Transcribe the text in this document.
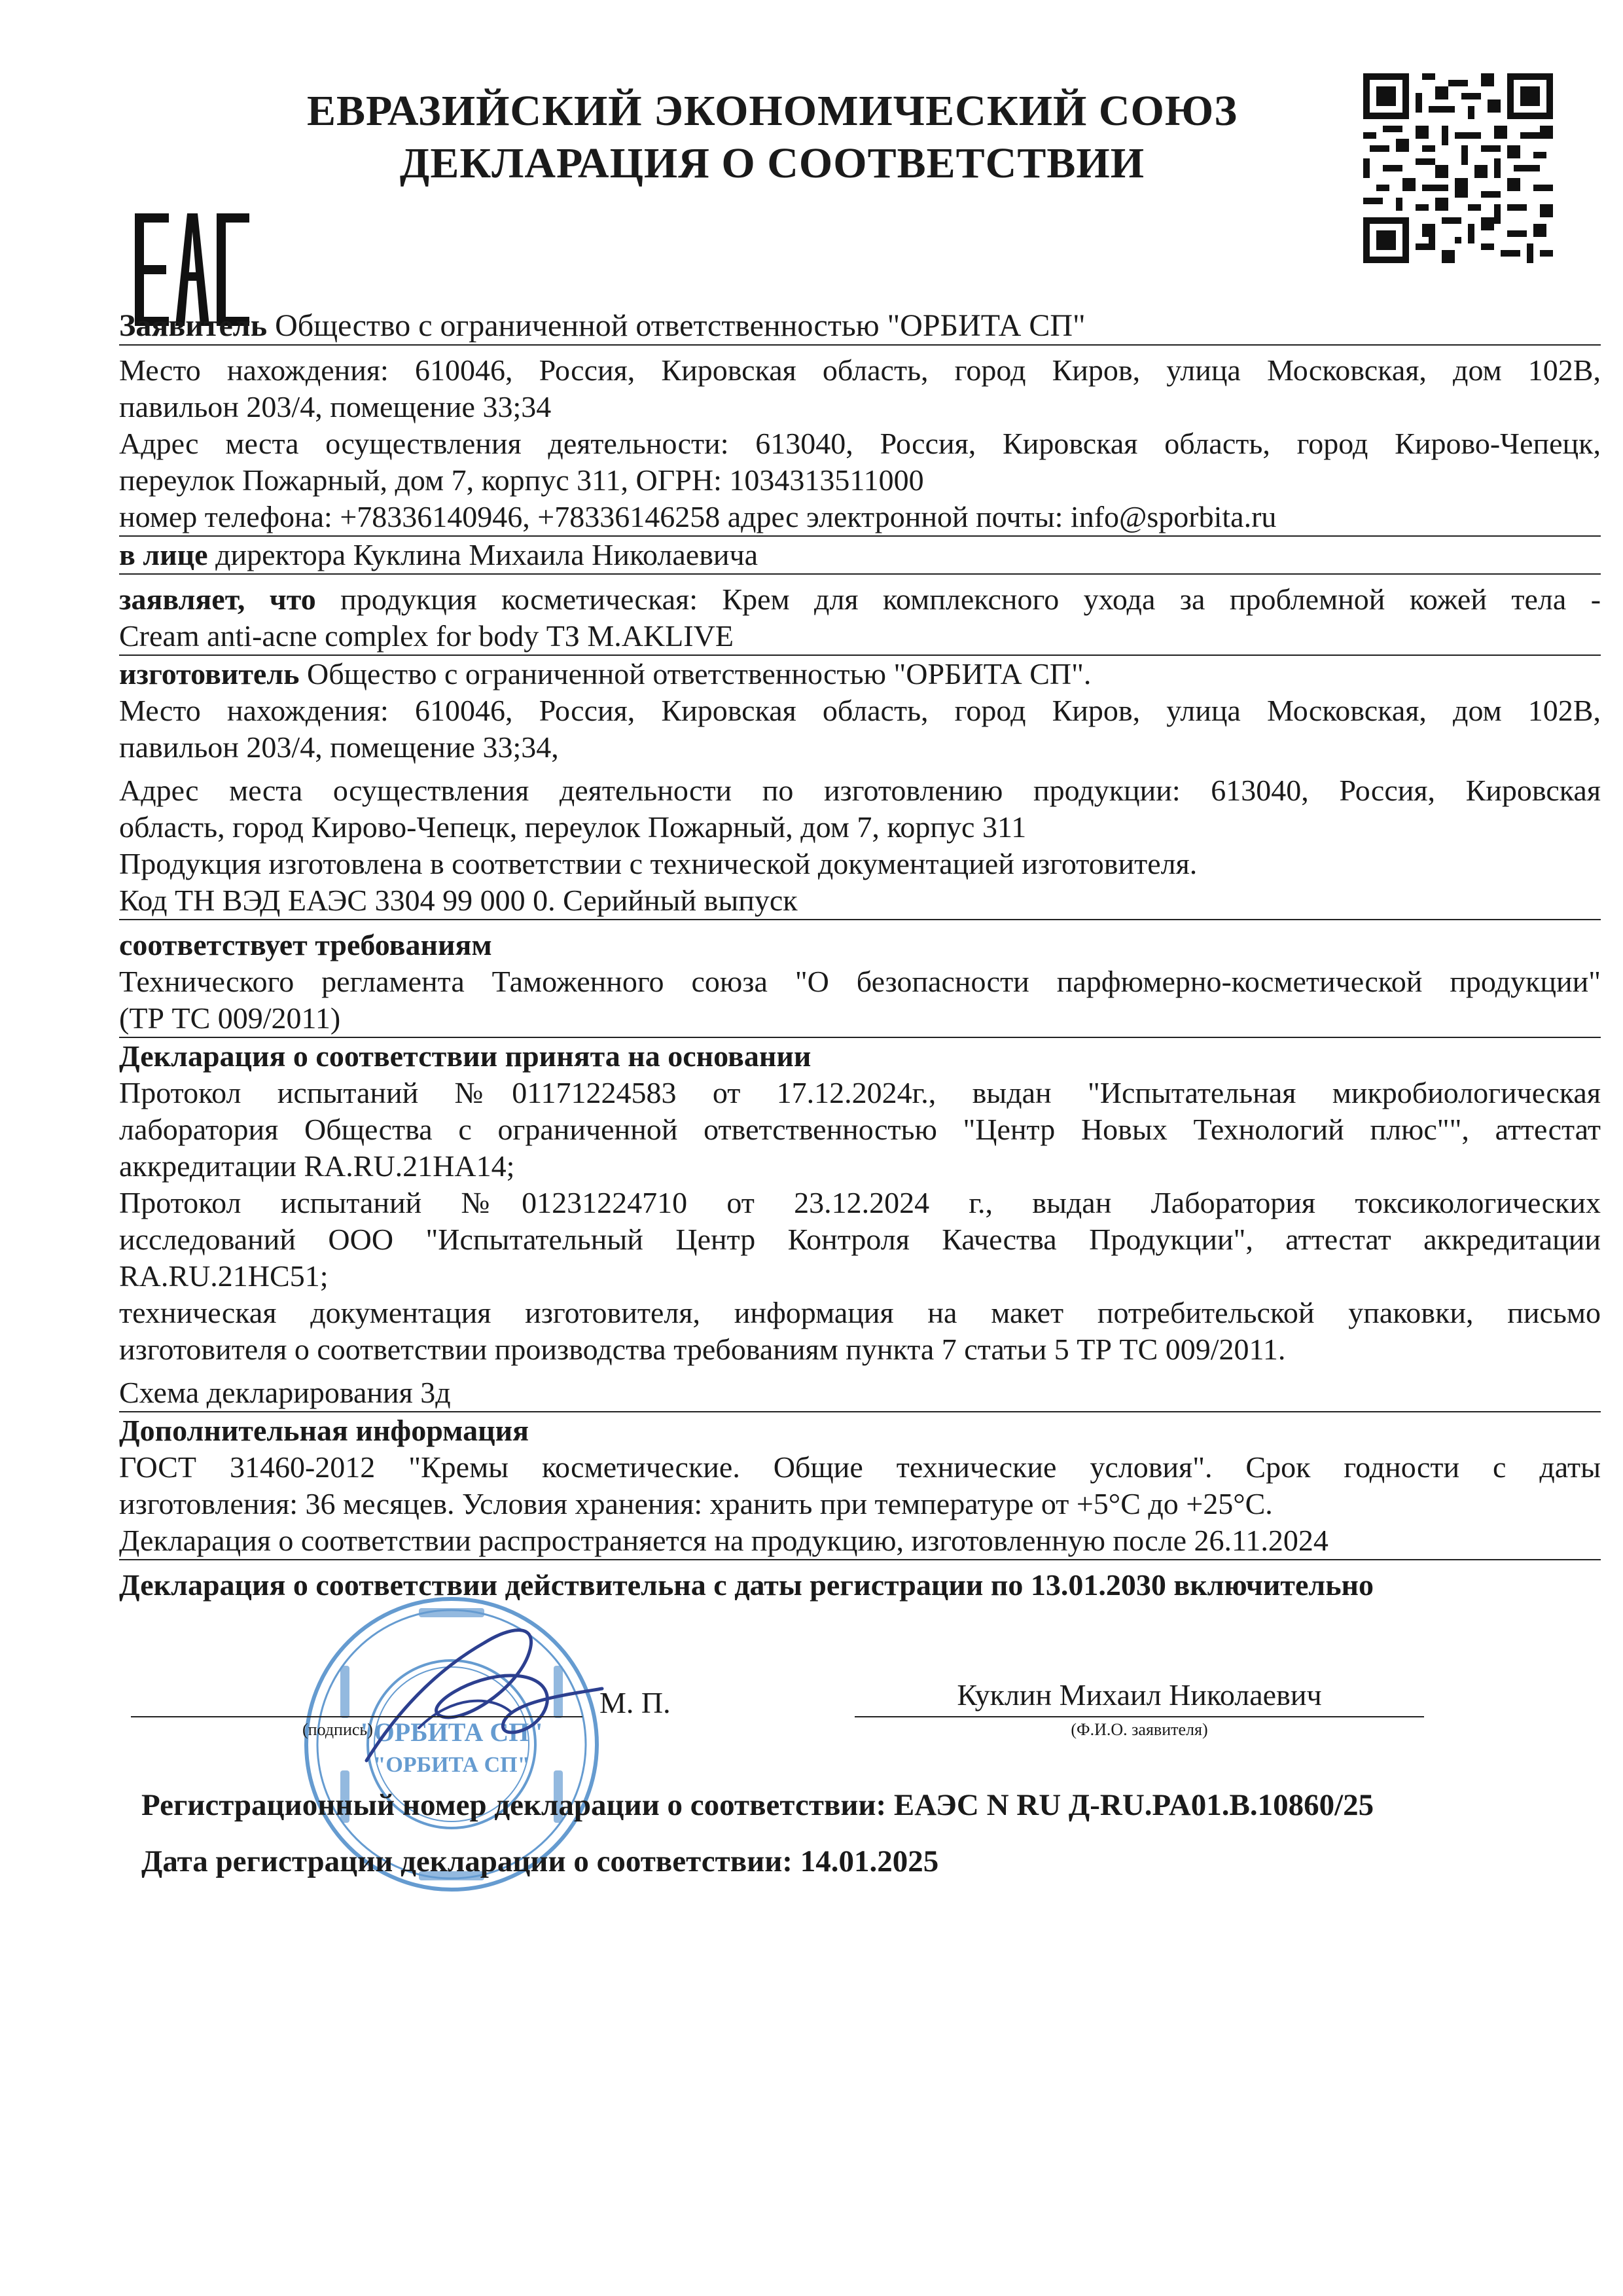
ЕВРАЗИЙСКИЙ ЭКОНОМИЧЕСКИЙ СОЮЗ
ДЕКЛАРАЦИЯ О СООТВЕТСТВИИ
Заявитель Общество с ограниченной ответственностью "ОРБИТА СП"
Место нахождения: 610046, Россия, Кировская область, город Киров, улица Московская, дом 102В,
павильон 203/4, помещение 33;34
Адрес места осуществления деятельности: 613040, Россия, Кировская область, город Кирово-Чепецк,
переулок Пожарный, дом 7, корпус 311, ОГРН: 1034313511000
номер телефона: +78336140946, +78336146258 адрес электронной почты: info@sporbita.ru
в лице директора Куклина Михаила Николаевича
заявляет, что продукция косметическая: Крем для комплексного ухода за проблемной кожей тела -
Cream anti-acne complex for body ТЗ M.AKLIVE
изготовитель Общество с ограниченной ответственностью "ОРБИТА СП".
Место нахождения: 610046, Россия, Кировская область, город Киров, улица Московская, дом 102В,
павильон 203/4, помещение 33;34,
Адрес места осуществления деятельности по изготовлению продукции: 613040, Россия, Кировская
область, город Кирово-Чепецк, переулок Пожарный, дом 7, корпус 311
Продукция изготовлена в соответствии с технической документацией изготовителя.
Код ТН ВЭД ЕАЭС 3304 99 000 0. Серийный выпуск
соответствует требованиям
Технического регламента Таможенного союза "О безопасности парфюмерно-косметической продукции"
(ТР ТС 009/2011)
Декларация о соответствии принята на основании
Протокол испытаний №01171224583 от 17.12.2024г., выдан "Испытательная микробиологическая
лаборатория Общества с ограниченной ответственностью "Центр Новых Технологий плюс"", аттестат
аккредитации RA.RU.21НА14;
Протокол испытаний №01231224710 от 23.12.2024 г., выдан Лаборатория токсикологических
исследований ООО "Испытательный Центр Контроля Качества Продукции", аттестат аккредитации
RA.RU.21НС51;
техническая документация изготовителя, информация на макет потребительской упаковки, письмо
изготовителя о соответствии производства требованиям пункта 7 статьи 5 ТР ТС 009/2011.
Схема декларирования 3д
Дополнительная информация
ГОСТ 31460-2012 "Кремы косметические. Общие технические условия". Срок годности с даты
изготовления: 36 месяцев. Условия хранения: хранить при температуре от +5°С до +25°С.
Декларация о соответствии распространяется на продукцию, изготовленную после 26.11.2024
Декларация о соответствии действительна с даты регистрации по 13.01.2030 включительно
"ОРБИТА СП"
"ОРБИТА СП"
(подпись)
М. П.	Куклин Михаил Николаевич
(Ф.И.О. заявителя)
Регистрационный номер декларации о соответствии: ЕАЭС N RU Д-RU.PA01.B.10860/25
Дата регистрации декларации о соответствии: 14.01.2025
